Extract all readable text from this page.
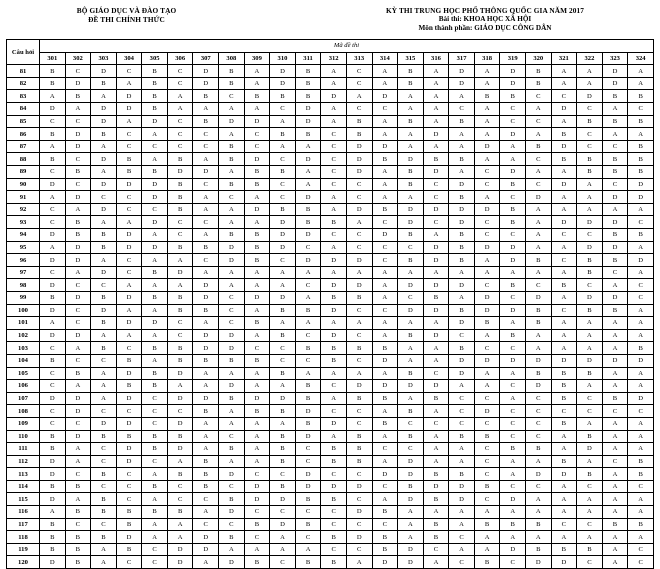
BỘ GIÁO DỤC VÀ ĐÀO TẠO
ĐỀ THI CHÍNH THỨC
KỲ THI TRUNG HỌC PHỔ THÔNG QUỐC GIA NĂM 2017
Bài thi: KHOA HỌC XÃ HỘI
Môn thành phần: GIÁO DỤC CÔNG DÂN
Câu hỏi	Mã đề thi																							
	301	302	303	304	305	306	307	308	309	310	311	312	313	314	315	316	317	318	319	320	321	322	323	324
81	B	C	D	C	B	C	D	B	A	D	B	A	C	A	B	A	D	A	D	B	A	A	D	A
82	B	D	B	A	B	C	D	B	A	D	B	A	C	A	B	A	D	A	D	B	A	A	D	A
83	A	B	A	D	B	A	B	C	B	B	B	D	A	D	A	A	A	B	B	C	C	D	B	B
84	D	A	D	D	B	A	A	A	A	C	D	A	C	C	A	A	C	A	C	A	D	C	A	C
85	C	C	D	A	D	C	B	D	D	A	D	A	B	A	B	A	B	A	C	C	A	B	B	B
86	B	D	B	C	A	C	C	A	C	B	B	C	B	A	A	D	A	A	D	A	B	C	A	A
87	A	D	A	C	C	C	C	B	C	A	A	C	D	D	A	A	A	D	A	B	D	C	C	B
88	B	C	D	B	A	B	A	B	D	C	D	C	D	B	D	B	B	A	A	C	B	B	B	B
89	C	B	A	B	B	D	D	A	B	B	A	C	D	A	B	D	A	C	D	A	A	B	B	B
90	D	C	D	D	D	B	C	B	B	C	A	C	C	A	B	C	D	C	B	C	D	A	C	D
91	A	D	C	C	D	B	A	C	A	C	D	A	C	A	A	C	B	A	C	D	A	A	D	D
92	C	A	D	C	C	B	A	A	D	B	B	A	D	B	D	D	D	D	B	A	A	A	A	A
93	C	B	A	A	D	C	C	A	A	D	B	B	A	C	D	C	D	C	B	A	D	D	D	C
94	D	B	B	D	A	C	A	B	B	D	D	C	C	D	B	A	B	C	C	A	C	C	B	B
95	A	D	B	D	D	B	B	D	B	D	C	A	C	C	C	D	B	D	D	A	A	D	D	A
96	D	D	A	C	A	A	C	D	B	C	D	D	D	C	B	D	B	A	D	B	C	B	B	D
97	C	A	D	C	B	D	A	A	A	A	A	A	A	A	A	A	A	A	A	A	A	B	C	A
98	D	C	C	A	A	A	D	A	A	A	C	D	D	A	D	D	D	C	B	C	B	C	A	C
99	B	D	B	D	B	B	D	C	D	D	A	B	B	A	C	B	A	D	C	D	A	D	D	C
100	D	C	D	A	A	B	B	C	A	B	B	D	C	C	D	D	B	D	D	B	C	B	B	A
101	A	C	B	D	D	C	A	C	B	A	A	A	A	A	A	A	D	B	A	B	A	A	A	A
102	D	D	A	A	A	C	D	D	A	B	C	D	C	A	B	D	C	A	B	A	A	A	A	A
103	C	A	B	C	B	B	D	D	C	C	B	B	B	B	A	A	B	C	C	A	A	A	A	B
104	B	C	C	B	A	B	B	B	B	C	C	B	C	D	A	A	D	D	D	D	D	D	D	D
105	C	B	A	D	B	D	A	A	A	B	A	A	A	A	B	C	D	A	A	B	B	B	A	A
106	C	A	A	B	B	A	A	D	A	A	B	C	D	D	D	D	A	A	C	D	B	A	A	A
107	D	D	A	D	C	D	D	B	D	D	B	A	B	B	A	B	C	C	A	C	B	C	B	D
108	C	D	C	C	C	C	B	A	B	B	D	C	C	A	B	A	C	D	C	C	C	C	C	C
109	C	C	D	D	C	D	A	A	A	A	B	D	C	B	C	C	C	C	C	C	B	A	A	A
110	B	D	B	B	B	B	A	C	A	B	D	A	B	A	B	A	B	B	C	C	A	B	A	A
111	B	A	C	D	B	D	A	B	A	B	C	B	B	C	C	A	A	C	B	B	A	D	A	A
112	D	A	C	D	C	A	B	A	A	B	C	B	B	A	D	A	A	C	A	A	B	A	C	B
113	D	C	B	C	A	B	B	D	C	C	D	C	C	D	D	B	B	C	A	D	D	B	A	B
114	B	B	C	C	B	C	B	C	D	B	D	D	D	C	B	D	D	B	C	C	A	C	A	C
115	D	A	B	C	A	C	C	B	D	D	B	B	C	A	D	B	D	C	D	A	A	A	A	A
116	A	B	B	B	B	B	A	D	C	C	C	C	D	B	A	A	A	A	A	A	A	A	A	A
117	B	C	C	B	A	A	C	C	B	D	B	C	C	C	A	B	A	B	B	B	C	C	B	B
118	B	B	B	D	A	A	D	B	C	A	C	B	D	B	A	B	C	A	A	A	A	A	A	A
119	B	B	A	B	C	D	D	A	A	A	A	C	C	B	D	C	A	A	D	B	B	B	A	C
120	D	B	A	C	C	D	A	D	B	C	B	B	A	D	D	A	C	B	C	D	D	C	A	C
